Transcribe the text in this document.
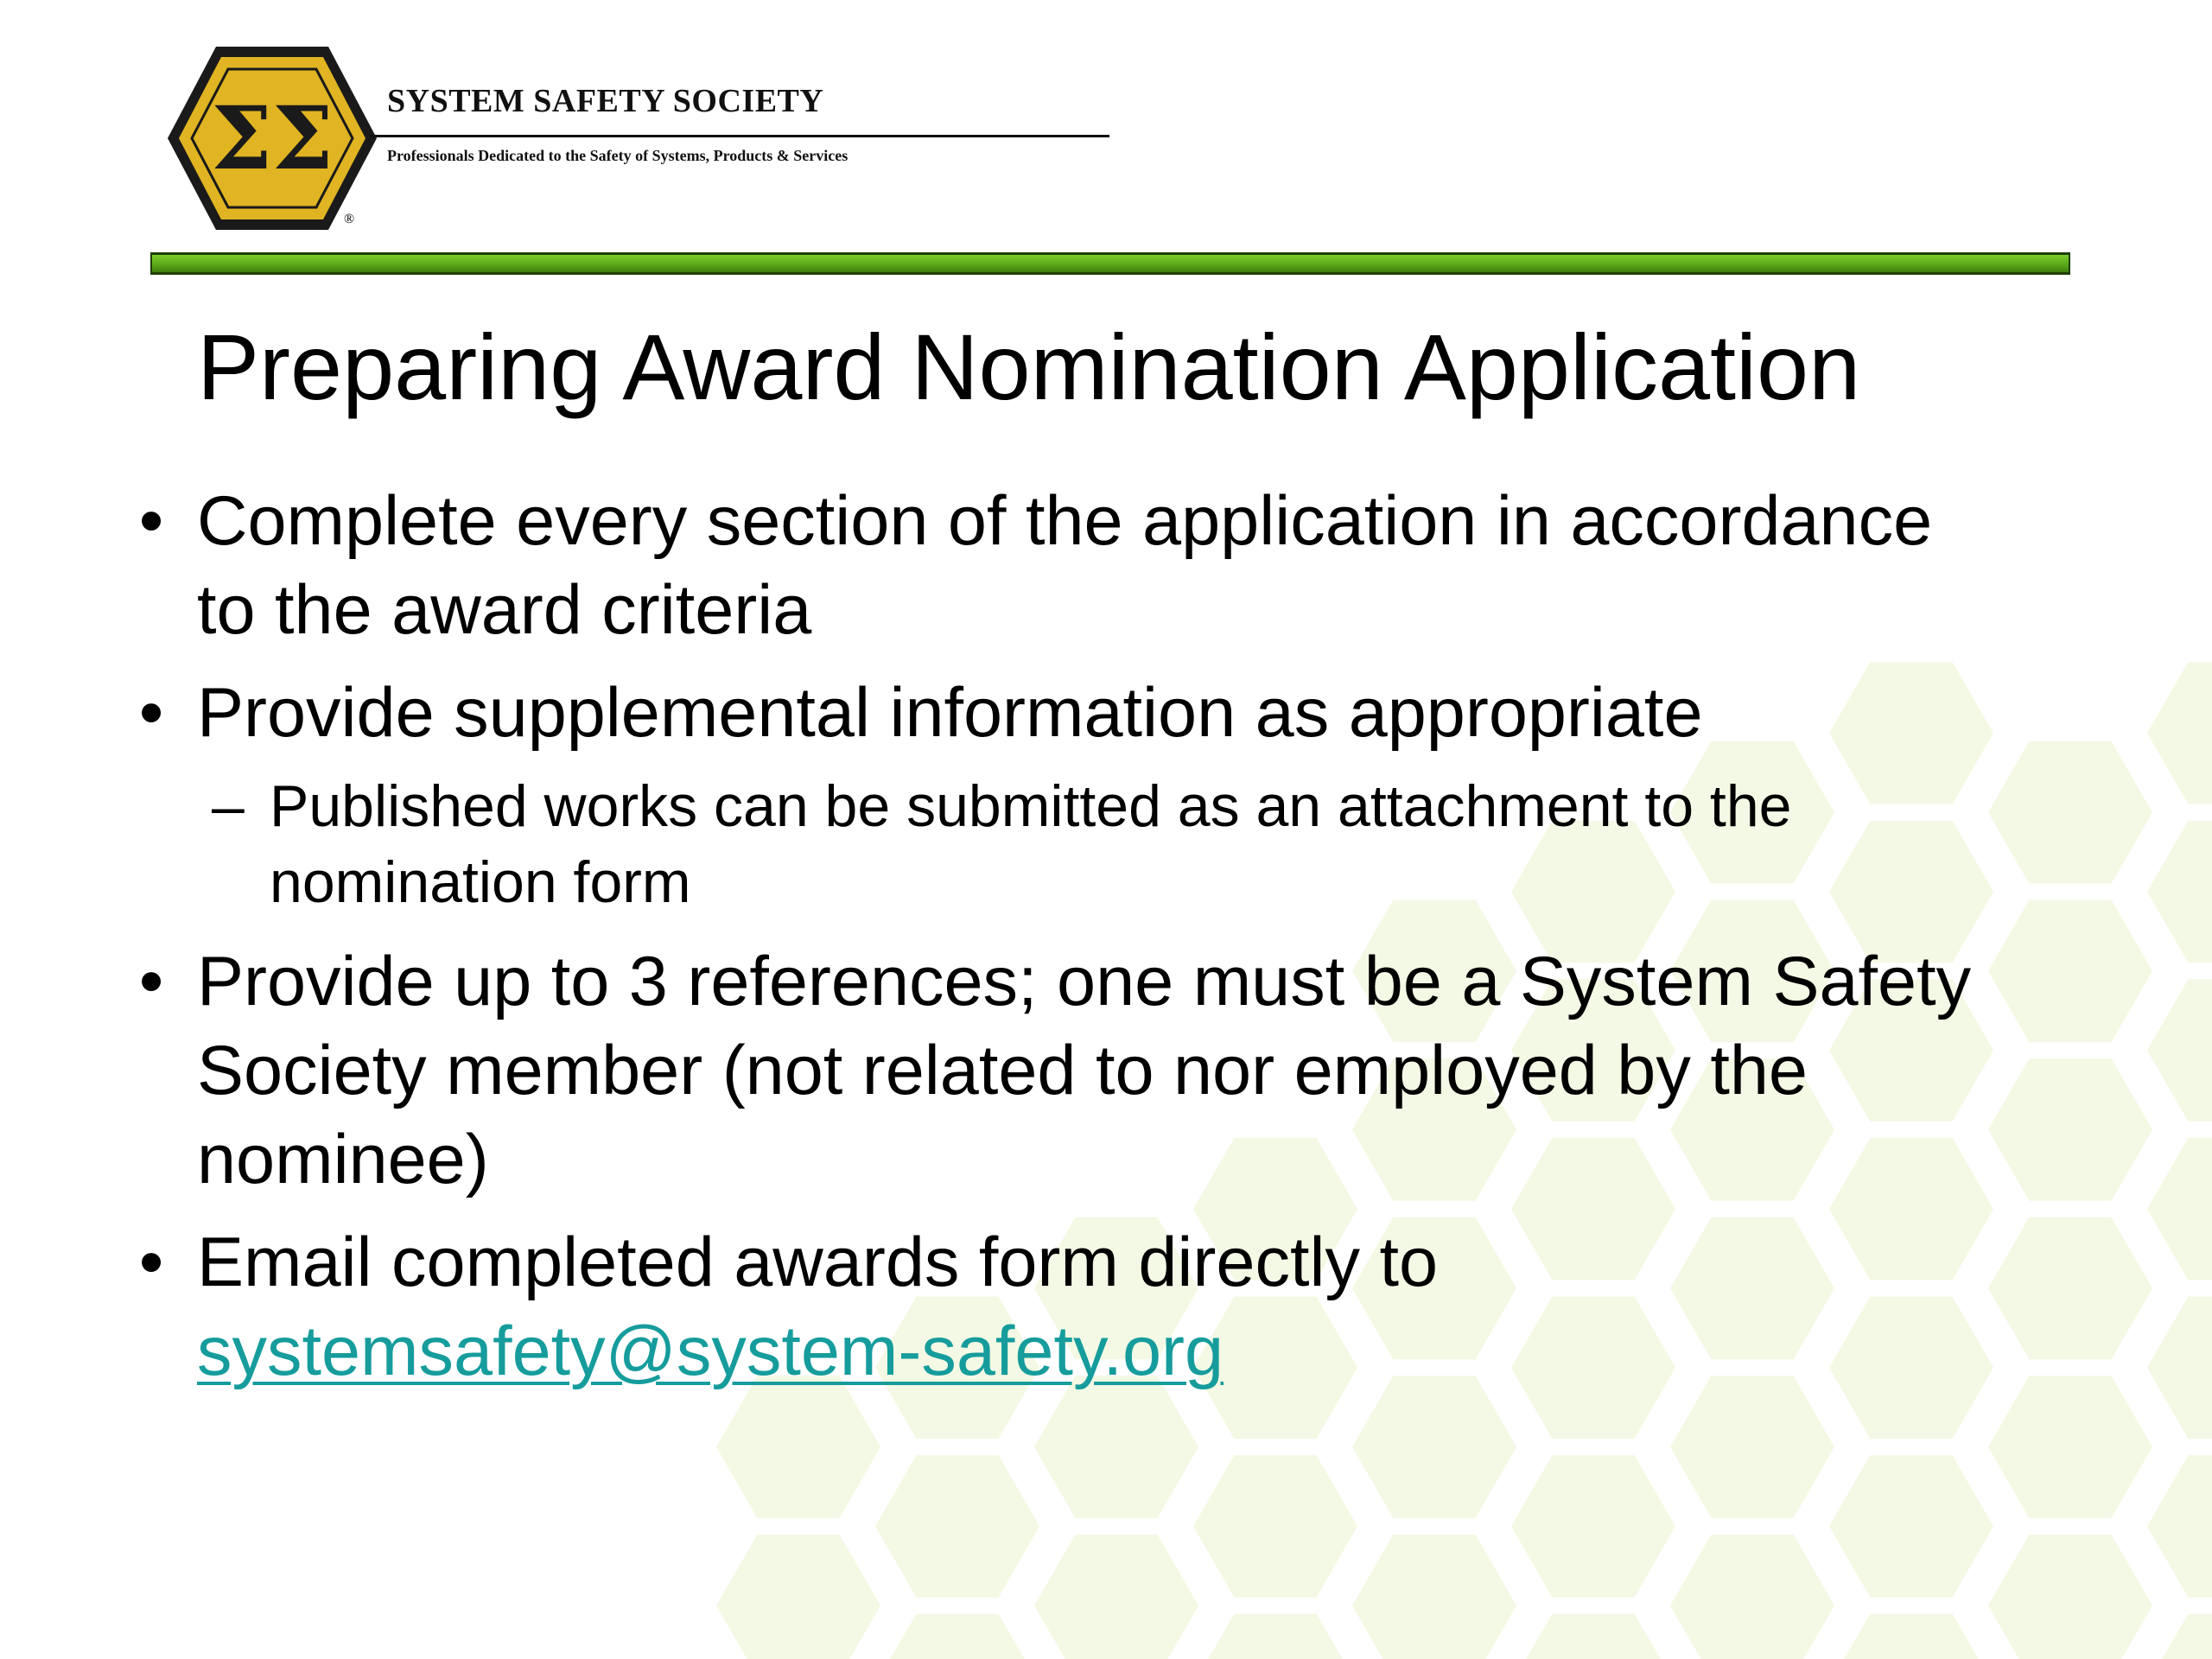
ΣΣ
®
SYSTEM SAFETY SOCIETY
Professionals Dedicated to the Safety of Systems, Products & Services
Preparing Award Nomination Application
• Complete every section of the application in accordance
to the award criteria
• Provide supplemental information as appropriate
– Published works can be submitted as an attachment to the
nomination form
• Provide up to 3 references; one must be a System Safety
Society member (not related to nor employed by the
nominee)
• Email completed awards form directly to
systemsafety@system-safety.org
